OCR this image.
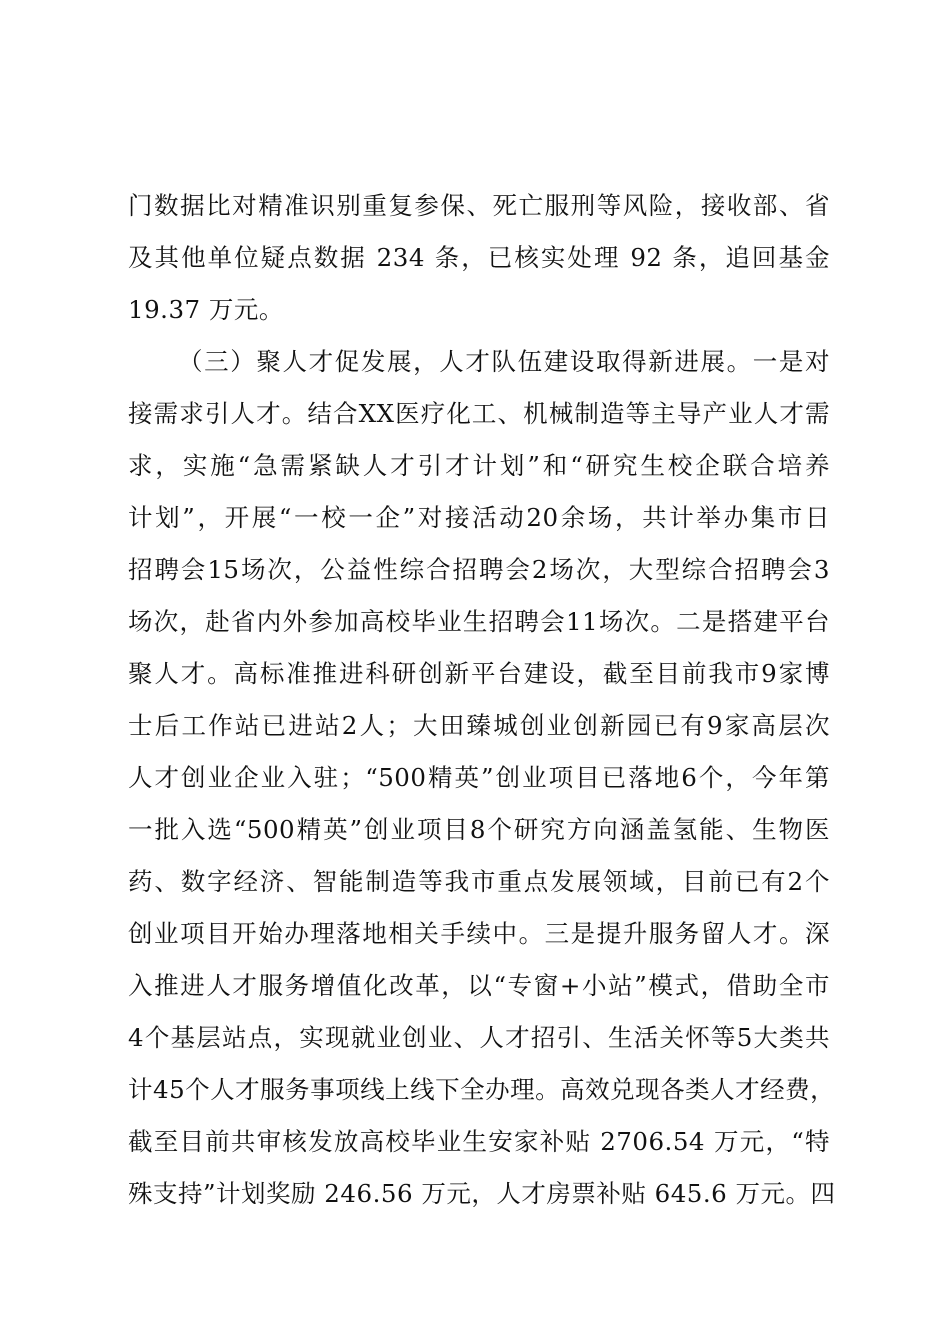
门数据比对精准识别重复参保、死亡服刑等风险，接收部、省
及其他单位疑点数据 234 条，已核实处理 92 条，追回基金
19.37 万元。
（三）聚人才促发展，人才队伍建设取得新进展。一是对
接需求引人才。结合XX医疗化工、机械制造等主导产业人才需
求，实施“急需紧缺人才引才计划”和“研究生校企联合培养
计划”，开展“一校一企”对接活动20余场，共计举办集市日
招聘会15场次，公益性综合招聘会2场次，大型综合招聘会3
场次，赴省内外参加高校毕业生招聘会11场次。二是搭建平台
聚人才。高标准推进科研创新平台建设，截至目前我市9家博
士后工作站已进站2人；大田臻城创业创新园已有9家高层次
人才创业企业入驻；“500精英”创业项目已落地6个，今年第
一批入选“500精英”创业项目8个研究方向涵盖氢能、生物医
药、数字经济、智能制造等我市重点发展领域，目前已有2个
创业项目开始办理落地相关手续中。三是提升服务留人才。深
入推进人才服务增值化改革，以“专窗+小站”模式，借助全市
4个基层站点，实现就业创业、人才招引、生活关怀等5大类共
计45个人才服务事项线上线下全办理。高效兑现各类人才经费，
截至目前共审核发放高校毕业生安家补贴 2706.54 万元，“特
殊支持”计划奖励 246.56 万元，人才房票补贴 645.6 万元。四
